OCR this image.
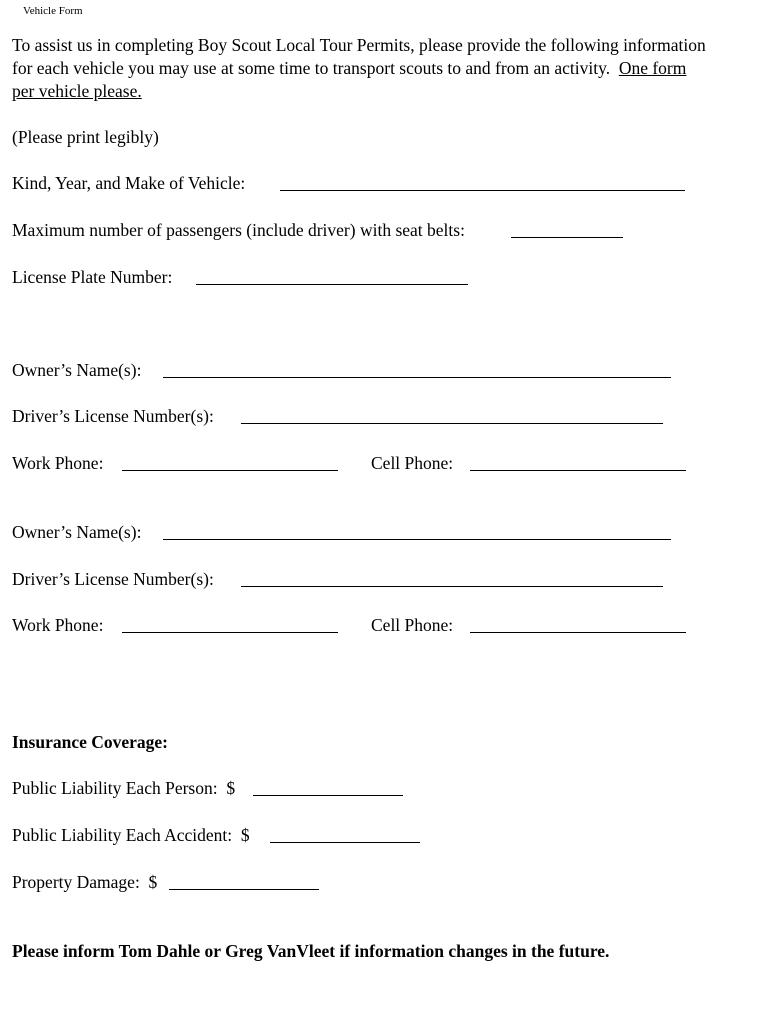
Vehicle Form
To assist us in completing Boy Scout Local Tour Permits, please provide the following information for each vehicle you may use at some time to transport scouts to and from an activity. One form per vehicle please.
(Please print legibly)
Kind, Year, and Make of Vehicle:
Maximum number of passengers (include driver) with seat belts:
License Plate Number:
Owner’s Name(s):
Driver’s License Number(s):
Work Phone:	Cell Phone:
Owner’s Name(s):
Driver’s License Number(s):
Work Phone:	Cell Phone:
Insurance Coverage:
Public Liability Each Person:  $
Public Liability Each Accident:  $
Property Damage:  $
Please inform Tom Dahle or Greg VanVleet if information changes in the future.
